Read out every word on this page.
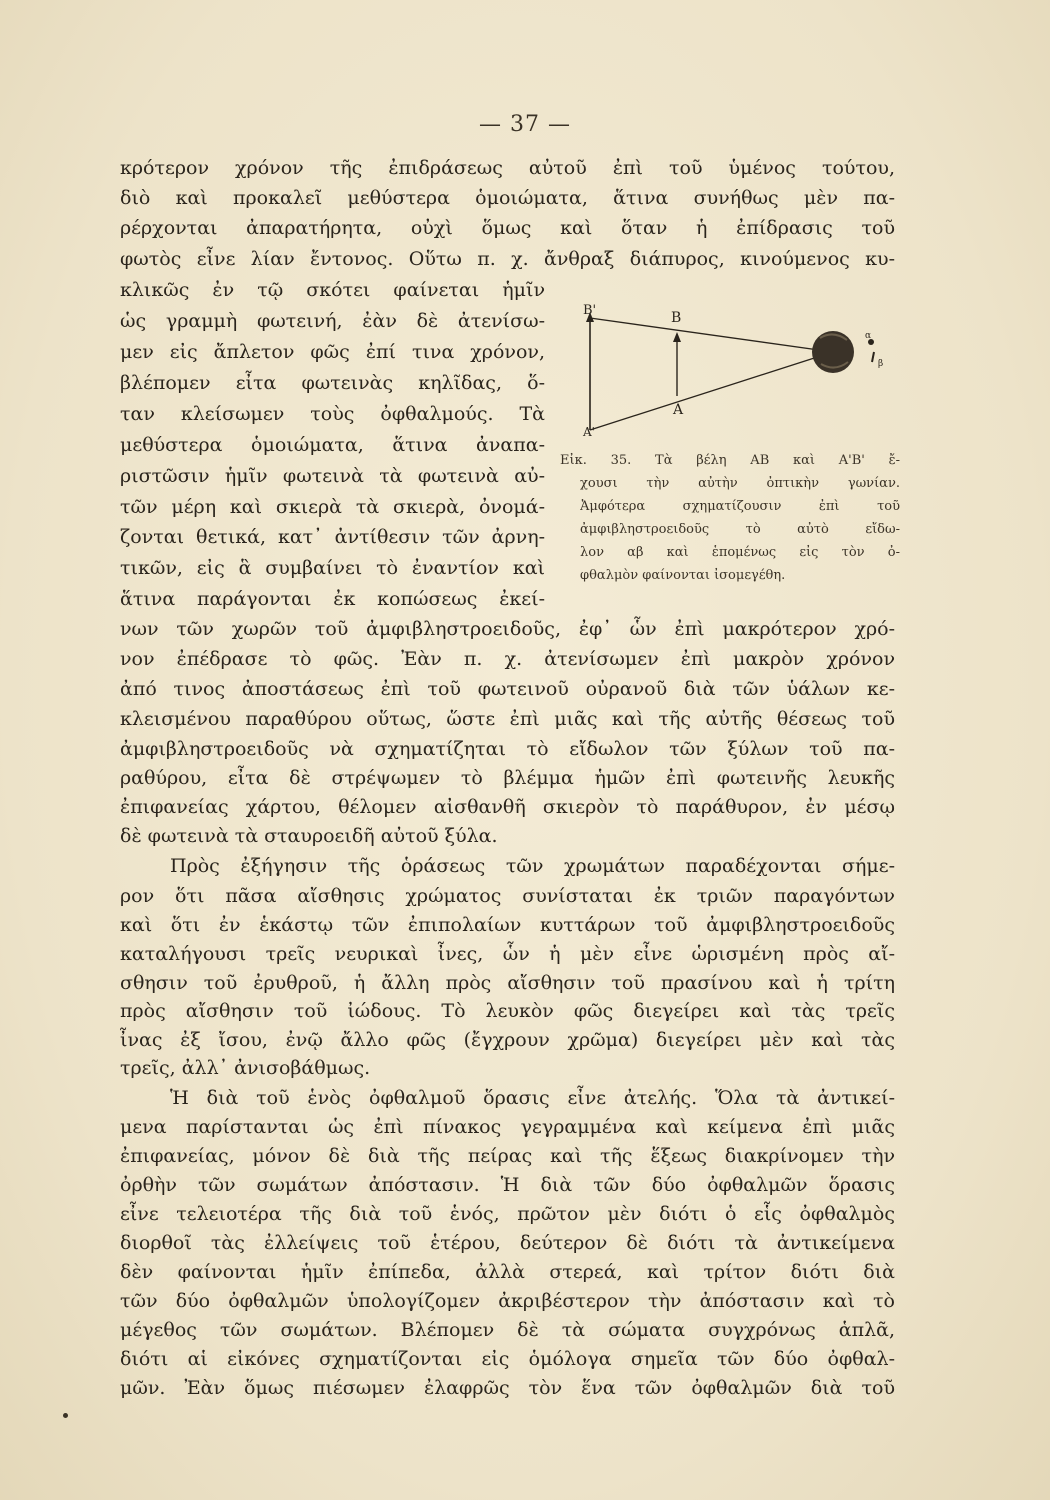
— 37 —
κρότερον χρόνον τῆς ἐπιδράσεως αὐτοῦ ἐπὶ τοῦ ὑμένος τούτου,
διὸ καὶ προκαλεῖ μεθύστερα ὁμοιώματα, ἅτινα συνήθως μὲν πα-
ρέρχονται ἀπαρατήρητα, οὐχὶ ὅμως καὶ ὅταν ἡ ἐπίδρασις τοῦ
φωτὸς εἶνε λίαν ἔντονος. Οὕτω π. χ. ἄνθραξ διάπυρος, κινούμενος κυ-
κλικῶς ἐν τῷ σκότει φαίνεται ἡμῖν
ὡς γραμμὴ φωτεινή, ἐὰν δὲ ἀτενίσω-
μεν εἰς ἄπλετον φῶς ἐπί τινα χρόνον,
βλέπομεν εἶτα φωτεινὰς κηλῖδας, ὅ-
ταν κλείσωμεν τοὺς ὀφθαλμούς. Τὰ
μεθύστερα ὁμοιώματα, ἅτινα ἀναπα-
ριστῶσιν ἡμῖν φωτεινὰ τὰ φωτεινὰ αὐ-
τῶν μέρη καὶ σκιερὰ τὰ σκιερὰ, ὀνομά-
ζονται θετικά, κατ᾽ ἀντίθεσιν τῶν ἀρνη-
τικῶν, εἰς ἃ συμβαίνει τὸ ἐναντίον καὶ
ἅτινα παράγονται ἐκ κοπώσεως ἐκεί-
νων τῶν χωρῶν τοῦ ἀμφιβληστροειδοῦς, ἐφ᾽ ὧν ἐπὶ μακρότερον χρό-
νον ἐπέδρασε τὸ φῶς. Ἐὰν π. χ. ἀτενίσωμεν ἐπὶ μακρὸν χρόνον
ἀπό τινος ἀποστάσεως ἐπὶ τοῦ φωτεινοῦ οὐρανοῦ διὰ τῶν ὑάλων κε-
κλεισμένου παραθύρου οὕτως, ὥστε ἐπὶ μιᾶς καὶ τῆς αὐτῆς θέσεως τοῦ
ἀμφιβληστροειδοῦς νὰ σχηματίζηται τὸ εἴδωλον τῶν ξύλων τοῦ πα-
ραθύρου, εἶτα δὲ στρέψωμεν τὸ βλέμμα ἡμῶν ἐπὶ φωτεινῆς λευκῆς
ἐπιφανείας χάρτου, θέλομεν αἰσθανθῆ σκιερὸν τὸ παράθυρον, ἐν μέσῳ
δὲ φωτεινὰ τὰ σταυροειδῆ αὐτοῦ ξύλα.
Πρὸς ἐξήγησιν τῆς ὁράσεως τῶν χρωμάτων παραδέχονται σήμε-
ρον ὅτι πᾶσα αἴσθησις χρώματος συνίσταται ἐκ τριῶν παραγόντων
καὶ ὅτι ἐν ἑκάστῳ τῶν ἐπιπολαίων κυττάρων τοῦ ἀμφιβληστροειδοῦς
καταλήγουσι τρεῖς νευρικαὶ ἶνες, ὧν ἡ μὲν εἶνε ὡρισμένη πρὸς αἴ-
σθησιν τοῦ ἐρυθροῦ, ἡ ἄλλη πρὸς αἴσθησιν τοῦ πρασίνου καὶ ἡ τρίτη
πρὸς αἴσθησιν τοῦ ἰώδους. Τὸ λευκὸν φῶς διεγείρει καὶ τὰς τρεῖς
ἶνας ἐξ ἴσου, ἐνῷ ἄλλο φῶς (ἔγχρουν χρῶμα) διεγείρει μὲν καὶ τὰς
τρεῖς, ἀλλ᾽ ἀνισοβάθμως.
Ἡ διὰ τοῦ ἑνὸς ὀφθαλμοῦ ὅρασις εἶνε ἀτελής. Ὅλα τὰ ἀντικεί-
μενα παρίστανται ὡς ἐπὶ πίνακος γεγραμμένα καὶ κείμενα ἐπὶ μιᾶς
ἐπιφανείας, μόνον δὲ διὰ τῆς πείρας καὶ τῆς ἕξεως διακρίνομεν τὴν
ὀρθὴν τῶν σωμάτων ἀπόστασιν. Ἡ διὰ τῶν δύο ὀφθαλμῶν ὅρασις
εἶνε τελειοτέρα τῆς διὰ τοῦ ἑνός, πρῶτον μὲν διότι ὁ εἷς ὀφθαλμὸς
διορθοῖ τὰς ἐλλείψεις τοῦ ἑτέρου, δεύτερον δὲ διότι τὰ ἀντικείμενα
δὲν φαίνονται ἡμῖν ἐπίπεδα, ἀλλὰ στερεά, καὶ τρίτον διότι διὰ
τῶν δύο ὀφθαλμῶν ὑπολογίζομεν ἀκριβέστερον τὴν ἀπόστασιν καὶ τὸ
μέγεθος τῶν σωμάτων. Βλέπομεν δὲ τὰ σώματα συγχρόνως ἁπλᾶ,
διότι αἱ εἰκόνες σχηματίζονται εἰς ὁμόλογα σημεῖα τῶν δύο ὀφθαλ-
μῶν. Ἐὰν ὅμως πιέσωμεν ἐλαφρῶς τὸν ἕνα τῶν ὀφθαλμῶν διὰ τοῦ
B'	B
A
A'
α
β
Εἰκ. 35. Τὰ βέλη ΑΒ καὶ Α'Β' ἔ-
χουσι τὴν αὐτὴν ὀπτικὴν γωνίαν.
Ἀμφότερα σχηματίζουσιν ἐπὶ τοῦ
ἀμφιβληστροειδοῦς τὸ αὐτὸ εἴδω-
λον αβ καὶ ἑπομένως εἰς τὸν ὀ-
φθαλμὸν φαίνονται ἰσομεγέθη.
